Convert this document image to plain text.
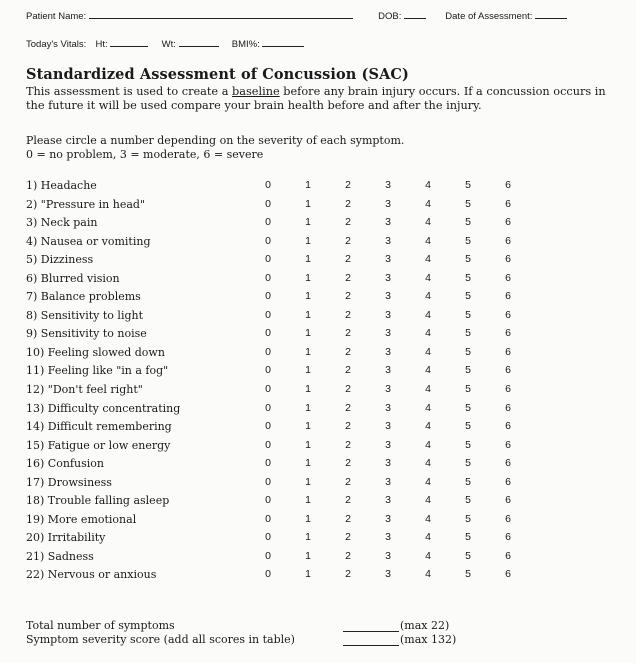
Patient Name:	DOB:	Date of Assessment:
Today's Vitals: Ht:	Wt:	BMI%:
Standardized Assessment of Concussion (SAC)
This assessment is used to create a baseline before any brain injury occurs. If a concussion occurs in the future it will be used compare your brain health before and after the injury.
Please circle a number depending on the severity of each symptom.
0 = no problem, 3 = moderate, 6 = severe
1) Headache	0	1	2	3	4	5	6
2) "Pressure in head"	0	1	2	3	4	5	6
3) Neck pain	0	1	2	3	4	5	6
4) Nausea or vomiting	0	1	2	3	4	5	6
5) Dizziness	0	1	2	3	4	5	6
6) Blurred vision	0	1	2	3	4	5	6
7) Balance problems	0	1	2	3	4	5	6
8) Sensitivity to light	0	1	2	3	4	5	6
9) Sensitivity to noise	0	1	2	3	4	5	6
10) Feeling slowed down	0	1	2	3	4	5	6
11) Feeling like "in a fog"	0	1	2	3	4	5	6
12) "Don't feel right"	0	1	2	3	4	5	6
13) Difficulty concentrating	0	1	2	3	4	5	6
14) Difficult remembering	0	1	2	3	4	5	6
15) Fatigue or low energy	0	1	2	3	4	5	6
16) Confusion	0	1	2	3	4	5	6
17) Drowsiness	0	1	2	3	4	5	6
18) Trouble falling asleep	0	1	2	3	4	5	6
19) More emotional	0	1	2	3	4	5	6
20) Irritability	0	1	2	3	4	5	6
21) Sadness	0	1	2	3	4	5	6
22) Nervous or anxious	0	1	2	3	4	5	6
Total number of symptoms
Symptom severity score (add all scores in table)
(max 22)
(max 132)
